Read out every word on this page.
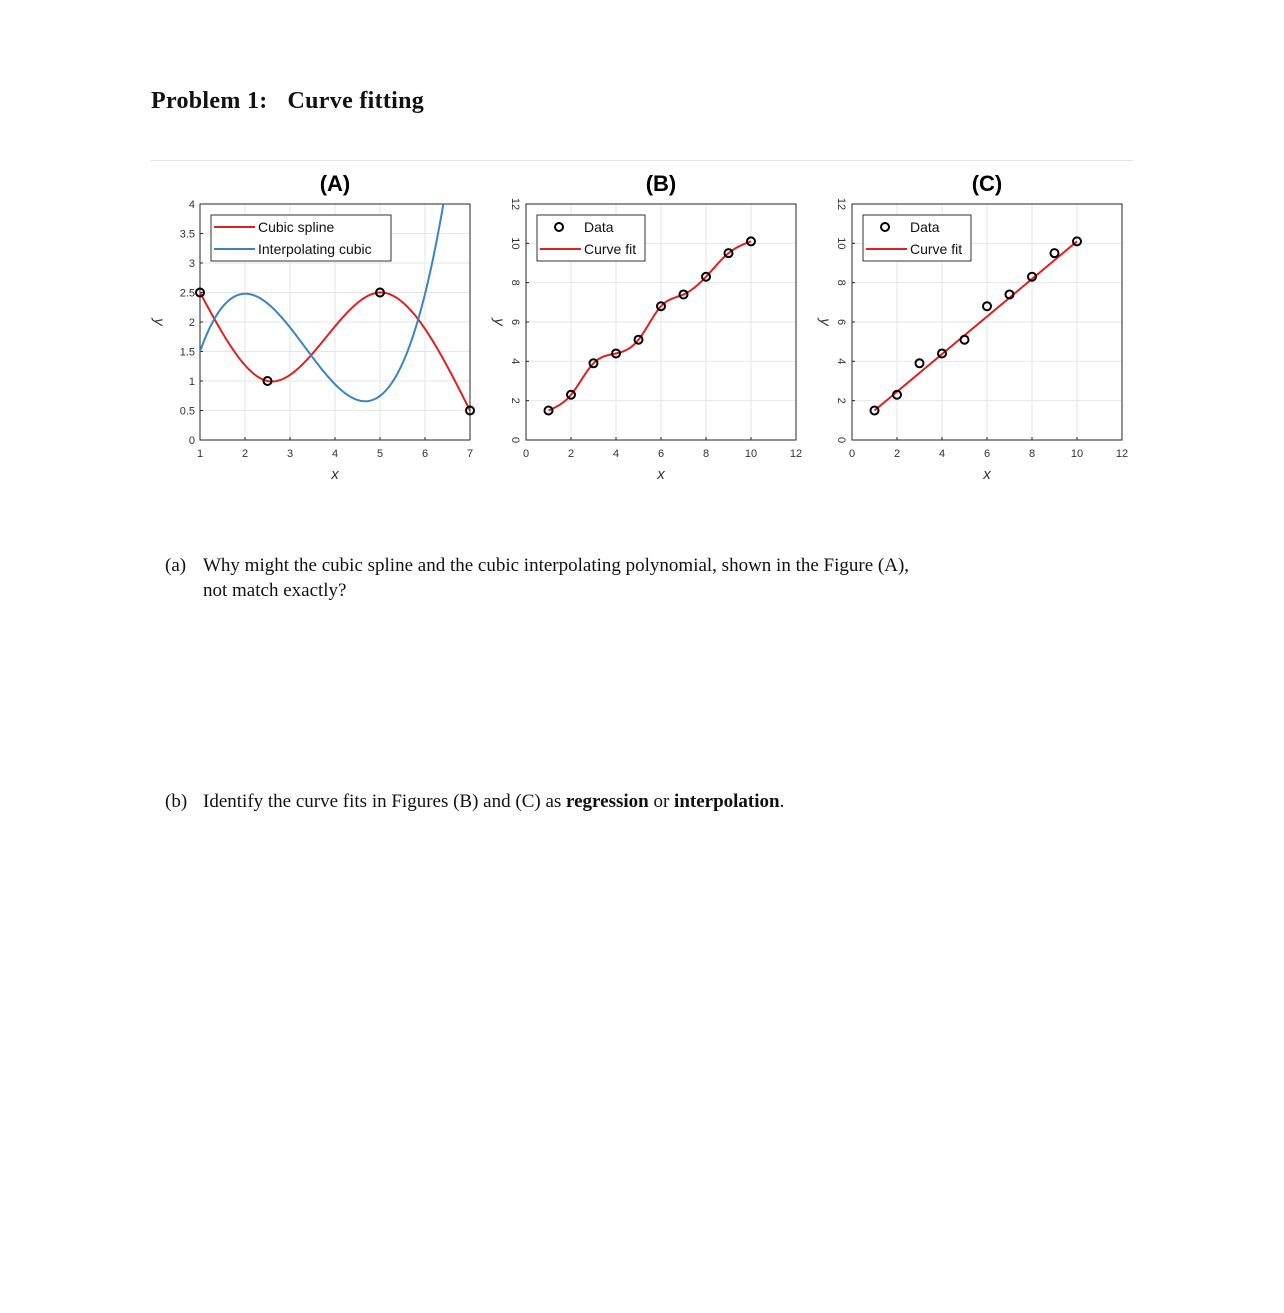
Problem 1: Curve fitting
1	2	3	4	5	6	7
0
0.5
1
1.5
2
2.5
3
3.5
4
(A)
x
y
Cubic spline
Interpolating cubic
0	2	4	6	8	10	12
0
2
4
6
8
10
12
(B)
x
y
Data
Curve fit
0	2	4	6	8	10	12
0
2
4
6
8
10
12
(C)
x
y
Data
Curve fit
(a) Why might the cubic spline and the cubic interpolating polynomial, shown in the Figure (A),
not match exactly?
(b) Identify the curve fits in Figures (B) and (C) as regression or interpolation.
